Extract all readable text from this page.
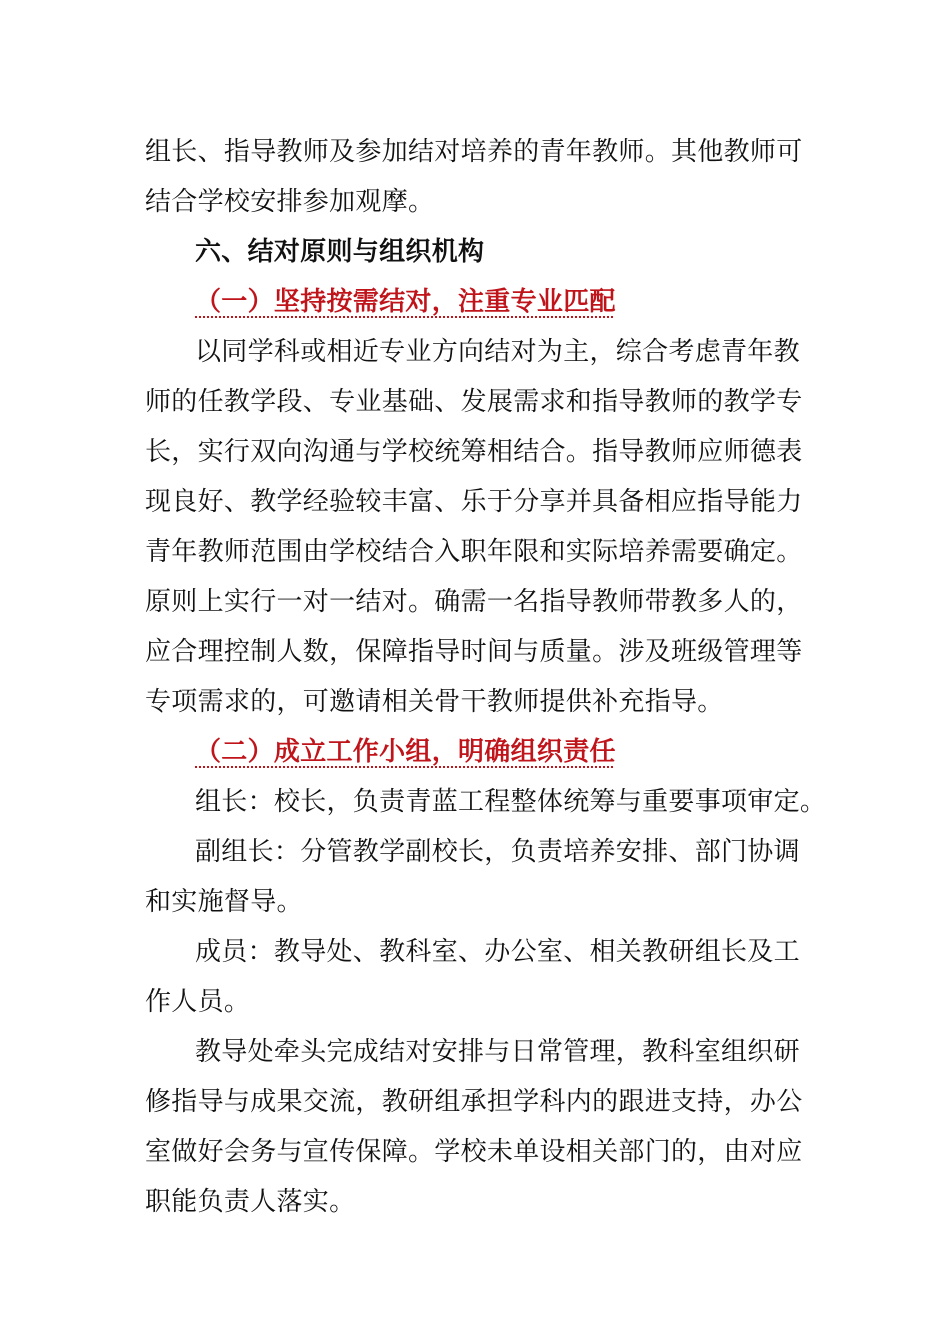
组长、指导教师及参加结对培养的青年教师。其他教师可
结合学校安排参加观摩。
六、结对原则与组织机构
（一）坚持按需结对，注重专业匹配
以同学科或相近专业方向结对为主，综合考虑青年教
师的任教学段、专业基础、发展需求和指导教师的教学专
长，实行双向沟通与学校统筹相结合。指导教师应师德表
现良好、教学经验较丰富、乐于分享并具备相应指导能力
青年教师范围由学校结合入职年限和实际培养需要确定。
原则上实行一对一结对。确需一名指导教师带教多人的，
应合理控制人数，保障指导时间与质量。涉及班级管理等
专项需求的，可邀请相关骨干教师提供补充指导。
（二）成立工作小组，明确组织责任
组长：校长，负责青蓝工程整体统筹与重要事项审定。
副组长：分管教学副校长，负责培养安排、部门协调
和实施督导。
成员：教导处、教科室、办公室、相关教研组长及工
作人员。
教导处牵头完成结对安排与日常管理，教科室组织研
修指导与成果交流，教研组承担学科内的跟进支持，办公
室做好会务与宣传保障。学校未单设相关部门的，由对应
职能负责人落实。
